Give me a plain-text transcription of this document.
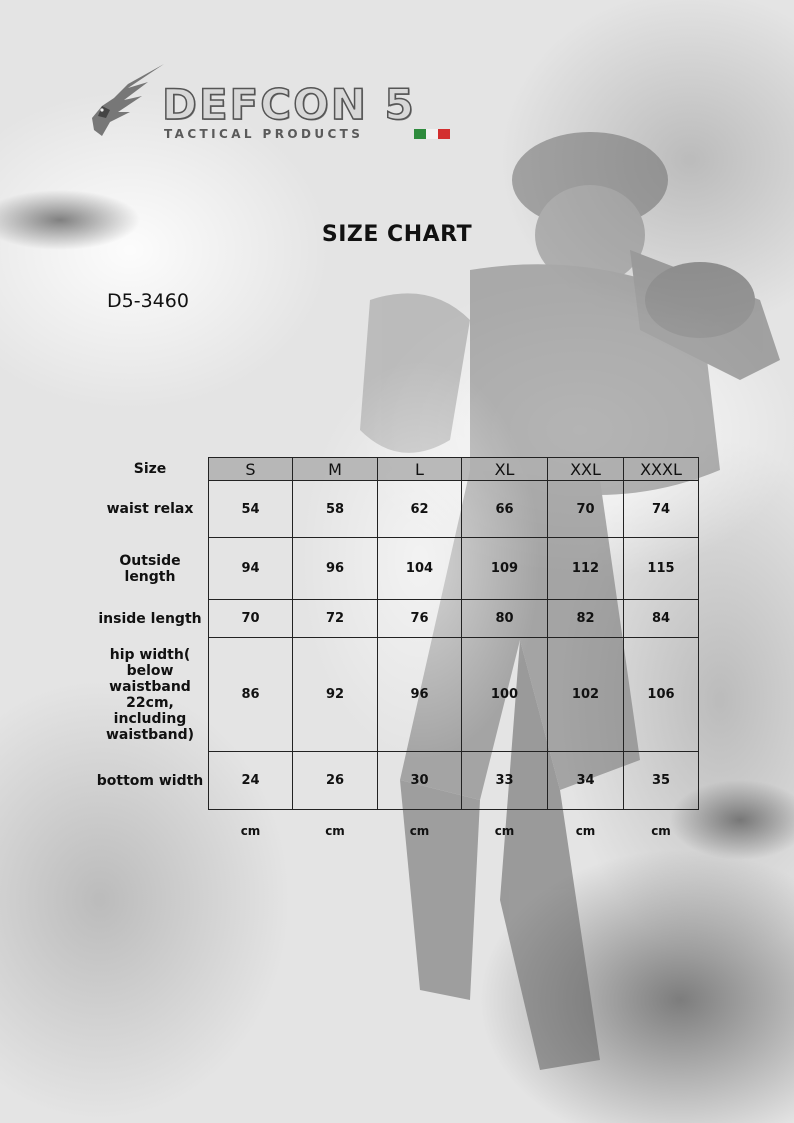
DEFCON 5
TACTICAL PRODUCTS
SIZE CHART
D5-3460
Size	S	M	L	XL	XXL	XXXL
waist relax	54	58	62	66	70	74
Outside length	94	96	104	109	112	115
inside length	70	72	76	80	82	84
hip width( below waistband 22cm, including waistband)	86	92	96	100	102	106
bottom width	24	26	30	33	34	35
	cm	cm	cm	cm	cm	cm
